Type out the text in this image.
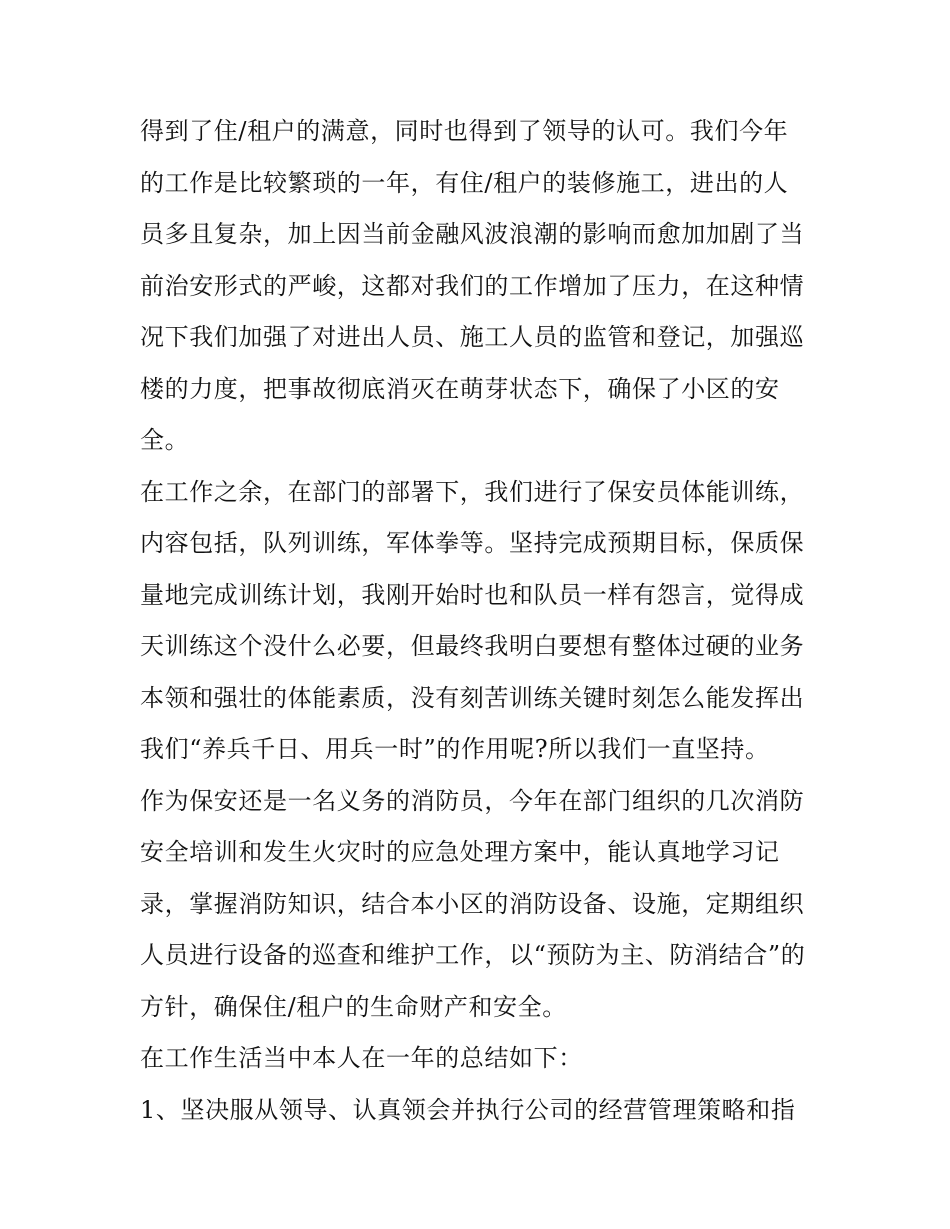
得到了住/租户的满意，同时也得到了领导的认可。我们今年
的工作是比较繁琐的一年，有住/租户的装修施工，进出的人
员多且复杂，加上因当前金融风波浪潮的影响而愈加加剧了当
前治安形式的严峻，这都对我们的工作增加了压力，在这种情
况下我们加强了对进出人员、施工人员的监管和登记，加强巡
楼的力度，把事故彻底消灭在萌芽状态下，确保了小区的安
全。
在工作之余，在部门的部署下，我们进行了保安员体能训练，
内容包括，队列训练，军体拳等。坚持完成预期目标，保质保
量地完成训练计划，我刚开始时也和队员一样有怨言，觉得成
天训练这个没什么必要，但最终我明白要想有整体过硬的业务
本领和强壮的体能素质，没有刻苦训练关键时刻怎么能发挥出
我们“养兵千日、用兵一时”的作用呢?所以我们一直坚持。
作为保安还是一名义务的消防员，今年在部门组织的几次消防
安全培训和发生火灾时的应急处理方案中，能认真地学习记
录，掌握消防知识，结合本小区的消防设备、设施，定期组织
人员进行设备的巡查和维护工作，以“预防为主、防消结合”的
方针，确保住/租户的生命财产和安全。
在工作生活当中本人在一年的总结如下：
1、坚决服从领导、认真领会并执行公司的经营管理策略和指
